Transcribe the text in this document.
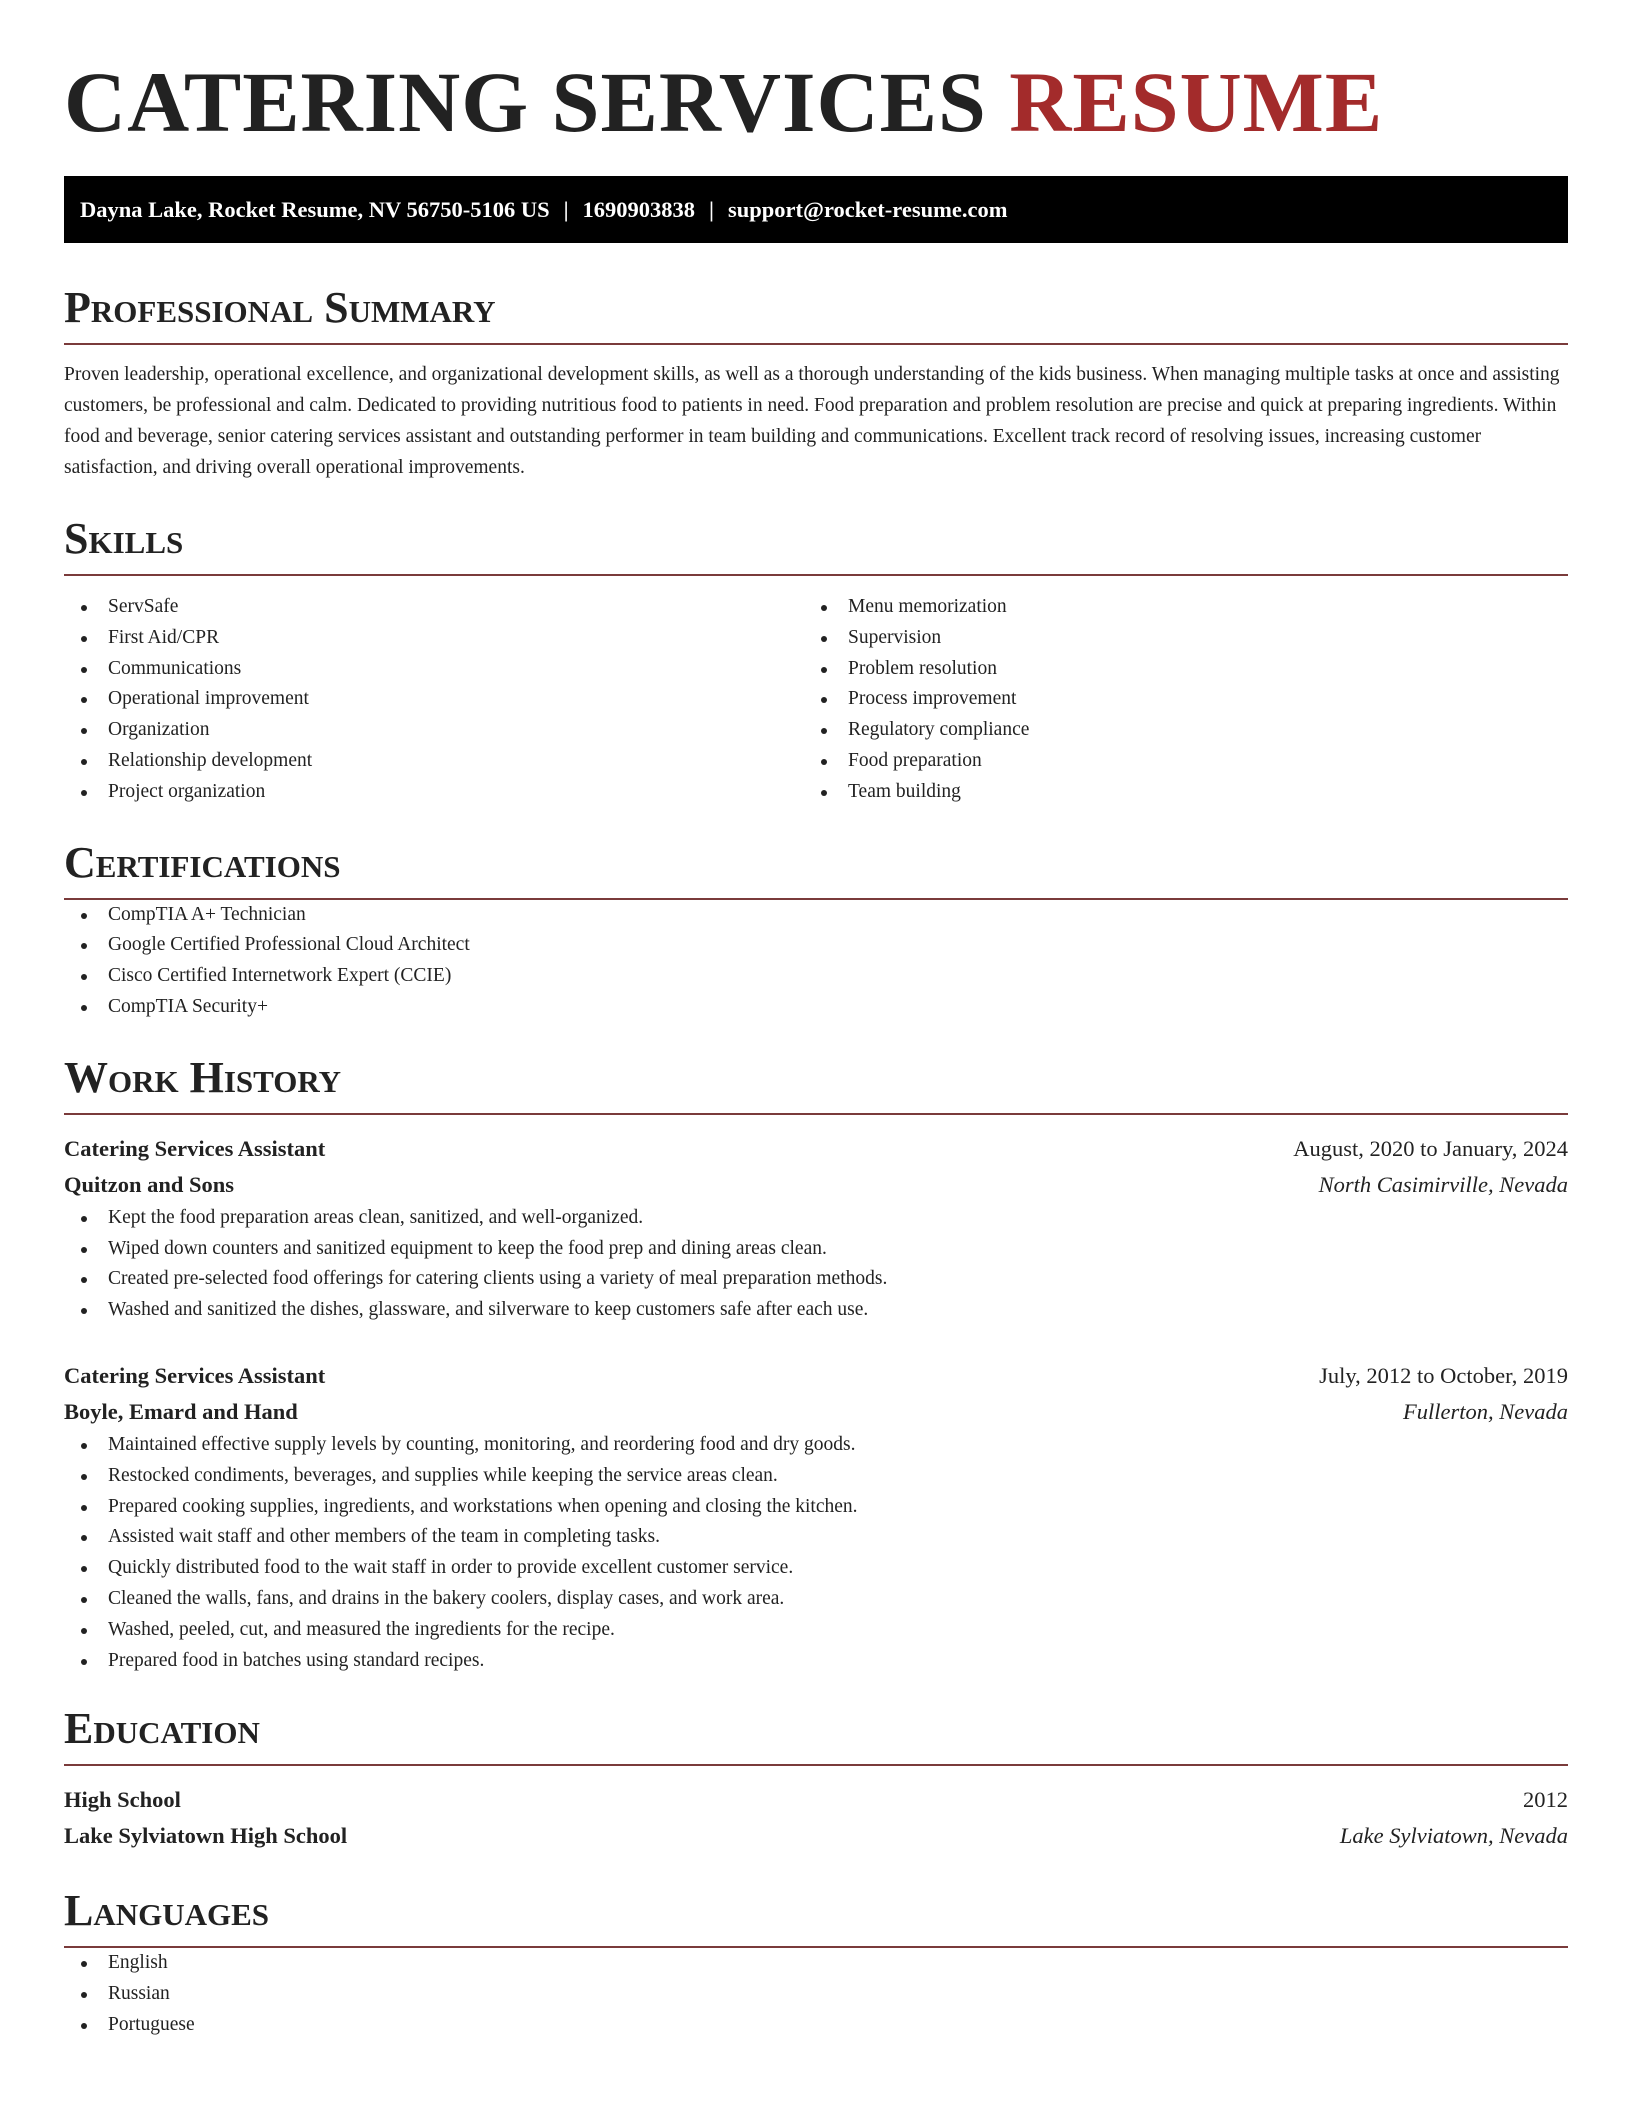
CATERING SERVICES RESUME
Dayna Lake, Rocket Resume, NV 56750-5106 US | 1690903838 | support@rocket-resume.com
Professional Summary

Proven leadership, operational excellence, and organizational development skills, as well as a thorough understanding of the kids business. When managing multiple tasks at once and assisting customers, be professional and calm. Dedicated to providing nutritious food to patients in need. Food preparation and problem resolution are precise and quick at preparing ingredients. Within food and beverage, senior catering services assistant and outstanding performer in team building and communications. Excellent track record of resolving issues, increasing customer satisfaction, and driving overall operational improvements.

Skills
ServSafe
First Aid/CPR
Communications
Operational improvement
Organization
Relationship development
Project organization
Menu memorization
Supervision
Problem resolution
Process improvement
Regulatory compliance
Food preparation
Team building
Certifications
CompTIA A+ Technician
Google Certified Professional Cloud Architect
Cisco Certified Internetwork Expert (CCIE)
CompTIA Security+
Work History
Catering Services Assistant	August, 2020 to January, 2024
Quitzon and Sons	North Casimirville, Nevada
Kept the food preparation areas clean, sanitized, and well-organized.
Wiped down counters and sanitized equipment to keep the food prep and dining areas clean.
Created pre-selected food offerings for catering clients using a variety of meal preparation methods.
Washed and sanitized the dishes, glassware, and silverware to keep customers safe after each use.
Catering Services Assistant	July, 2012 to October, 2019
Boyle, Emard and Hand	Fullerton, Nevada
Maintained effective supply levels by counting, monitoring, and reordering food and dry goods.
Restocked condiments, beverages, and supplies while keeping the service areas clean.
Prepared cooking supplies, ingredients, and workstations when opening and closing the kitchen.
Assisted wait staff and other members of the team in completing tasks.
Quickly distributed food to the wait staff in order to provide excellent customer service.
Cleaned the walls, fans, and drains in the bakery coolers, display cases, and work area.
Washed, peeled, cut, and measured the ingredients for the recipe.
Prepared food in batches using standard recipes.
Education
High School	2012
Lake Sylviatown High School	Lake Sylviatown, Nevada
Languages
English
Russian
Portuguese
